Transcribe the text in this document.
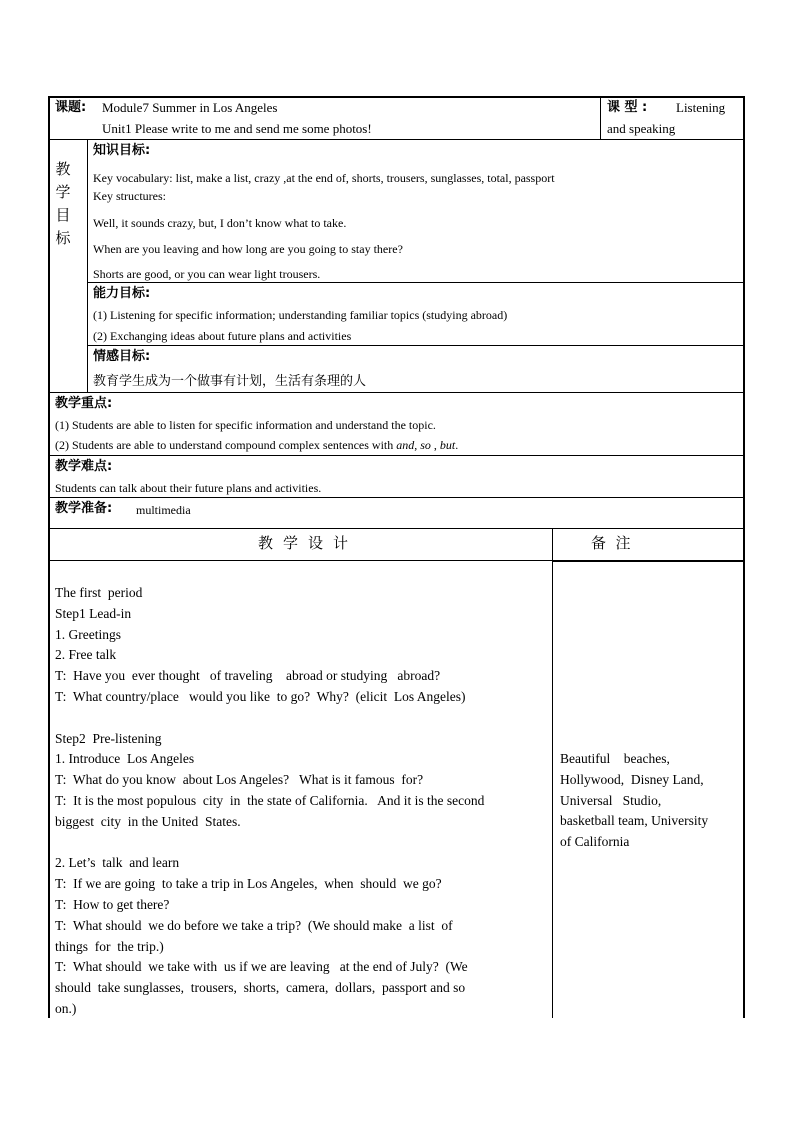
课题: Module7 Summer in Los Angeles
Unit1 Please write to me and send me some photos!
课 型 : Listening
and speaking
教
学
目
标
知识目标:
Key vocabulary: list, make a list, crazy ,at the end of, shorts, trousers, sunglasses, total, passport
Key structures:
Well, it sounds crazy, but, I don’t know what to take.
When are you leaving and how long are you going to stay there?
Shorts are good, or you can wear light trousers.
能力目标:
(1) Listening for specific information; understanding familiar topics (studying abroad)
(2) Exchanging ideas about future plans and activities
情感目标:
教育学生成为一个做事有计划，生活有条理的人
教学重点:
(1) Students are able to listen for specific information and understand the topic.
(2) Students are able to understand compound complex sentences with and, so , but.
教学难点:
Students can talk about their future plans and activities.
教学准备: multimedia
教学设计	备  注
The first  period
Step1 Lead-in
1. Greetings
2. Free talk
T:  Have you  ever thought   of traveling    abroad or studying   abroad?
T:  What country/place   would you like  to go?  Why?  (elicit  Los Angeles)

Step2  Pre-listening
1. Introduce  Los Angeles
T:  What do you know  about Los Angeles?   What is it famous  for?
T:  It is the most populous  city  in  the state of California.   And it is the second
biggest  city  in the United  States.

2. Let’s  talk  and learn
T:  If we are going  to take a trip in Los Angeles,  when  should  we go?
T:  How to get there?
T:  What should  we do before we take a trip?  (We should make  a list  of
things  for  the trip.)
T:  What should  we take with  us if we are leaving   at the end of July?  (We
should  take sunglasses,  trousers,  shorts,  camera,  dollars,  passport and so
on.)
Beautiful    beaches,
Hollywood,  Disney Land,
Universal   Studio,
basketball team, University
of California
